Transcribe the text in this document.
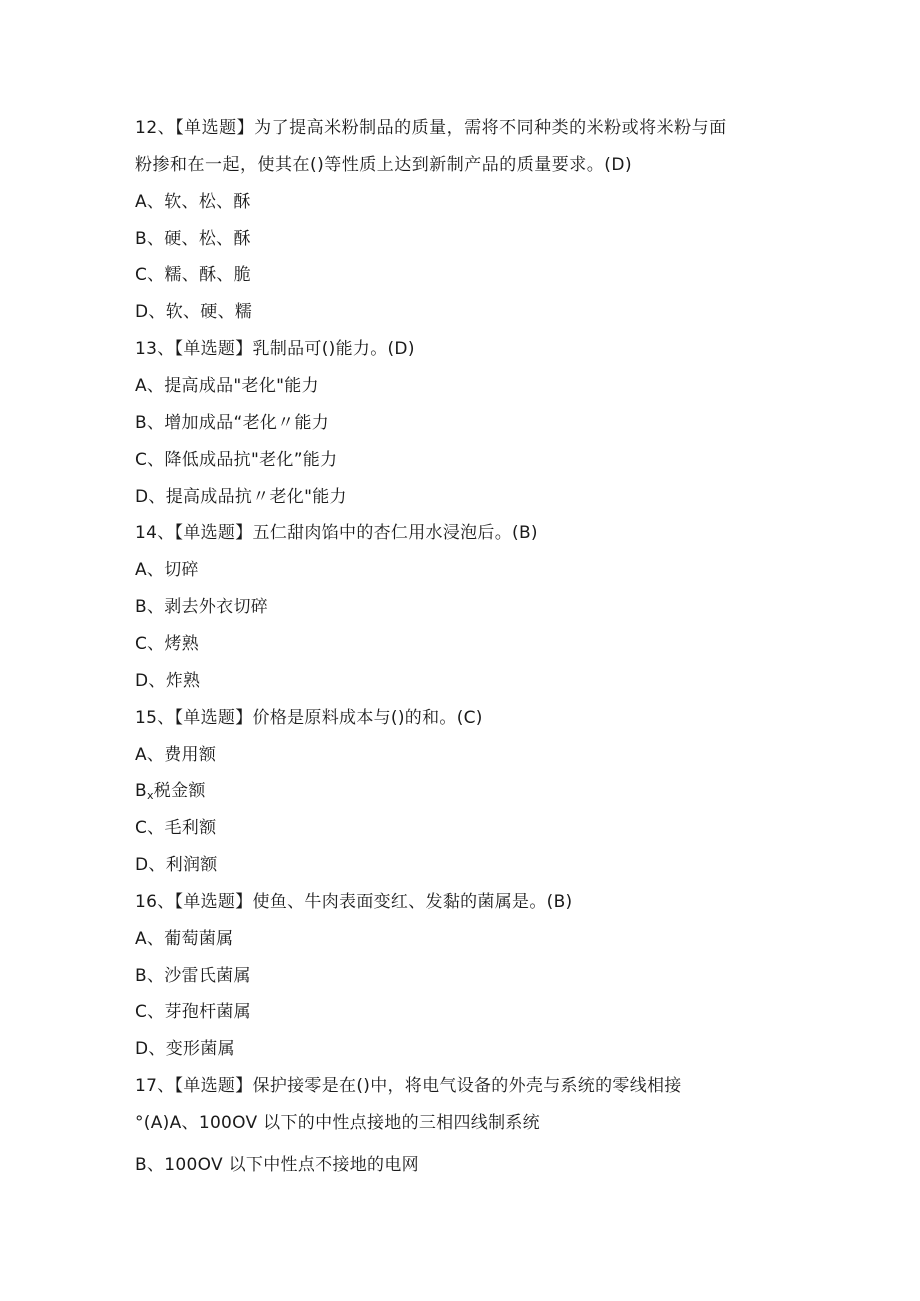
12、【单选题】为了提高米粉制品的质量，需将不同种类的米粉或将米粉与面
粉掺和在一起，使其在()等性质上达到新制产品的质量要求。(D)
A、软、松、酥
B、硬、松、酥
C、糯、酥、脆
D、软、硬、糯
13、【单选题】乳制品可()能力。(D)
A、提高成品"老化"能力
B、增加成品“老化〃能力
C、降低成品抗"老化”能力
D、提高成品抗〃老化"能力
14、【单选题】五仁甜肉馅中的杏仁用水浸泡后。(B)
A、切碎
B、剥去外衣切碎
C、烤熟
D、炸熟
15、【单选题】价格是原料成本与()的和。(C)
A、费用额
$B_x$税金额
C、毛利额
D、利润额
16、【单选题】使鱼、牛肉表面变红、发黏的菌属是。(B)
A、葡萄菌属
B、沙雷氏菌属
C、芽孢杆菌属
D、变形菌属
17、【单选题】保护接零是在()中，将电气设备的外壳与系统的零线相接
°(A)A、100OV 以下的中性点接地的三相四线制系统
B、100OV 以下中性点不接地的电网
